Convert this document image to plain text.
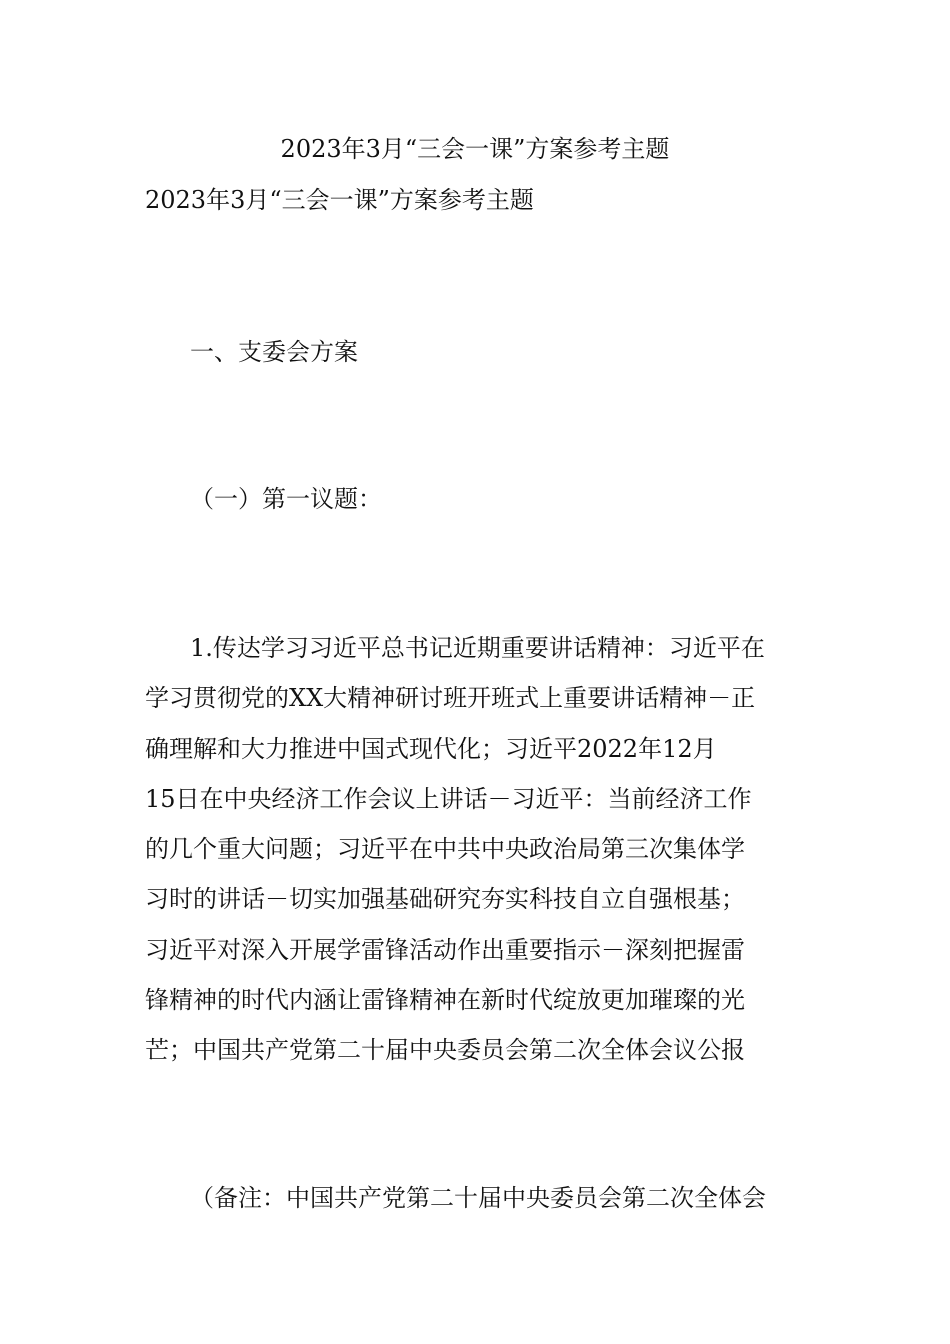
2023年3月“三会一课”方案参考主题
2023年3月“三会一课”方案参考主题
一、支委会方案
（一）第一议题：
1.传达学习习近平总书记近期重要讲话精神：习近平在
学习贯彻党的XX大精神研讨班开班式上重要讲话精神－正
确理解和大力推进中国式现代化；习近平2022年12月
15日在中央经济工作会议上讲话－习近平：当前经济工作
的几个重大问题；习近平在中共中央政治局第三次集体学
习时的讲话－切实加强基础研究夯实科技自立自强根基；
习近平对深入开展学雷锋活动作出重要指示－深刻把握雷
锋精神的时代内涵让雷锋精神在新时代绽放更加璀璨的光
芒；中国共产党第二十届中央委员会第二次全体会议公报
（备注：中国共产党第二十届中央委员会第二次全体会
